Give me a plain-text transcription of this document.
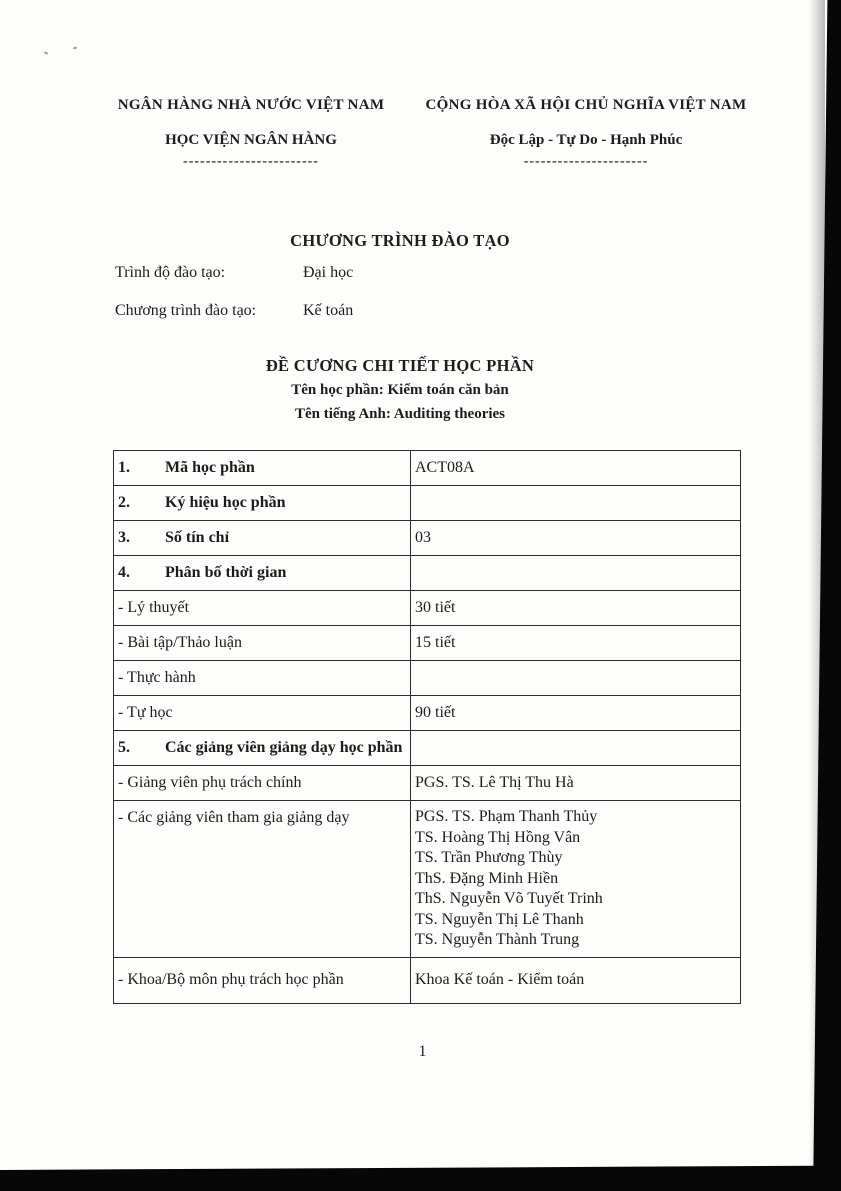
NGÂN HÀNG NHÀ NƯỚC VIỆT NAM
HỌC VIỆN NGÂN HÀNG
------------------------
CỘNG HÒA XÃ HỘI CHỦ NGHĨA VIỆT NAM
Độc Lập - Tự Do - Hạnh Phúc
----------------------
CHƯƠNG TRÌNH ĐÀO TẠO
Trình độ đào tạo:	Đại học
Chương trình đào tạo:	Kế toán
ĐỀ CƯƠNG CHI TIẾT HỌC PHẦN
Tên học phần: Kiểm toán căn bản
Tên tiếng Anh: Auditing theories
1.	Mã học phần	ACT08A
2.	Ký hiệu học phần
3.	Số tín chỉ	03
4.	Phân bố thời gian
- Lý thuyết	30 tiết
- Bài tập/Thảo luận	15 tiết
- Thực hành
- Tự học	90 tiết
5.	Các giảng viên giảng dạy học phần
- Giảng viên phụ trách chính	PGS. TS. Lê Thị Thu Hà
- Các giảng viên tham gia giảng dạy	PGS. TS. Phạm Thanh Thủy
TS. Hoàng Thị Hồng Vân
TS. Trần Phương Thùy
ThS. Đặng Minh Hiền
ThS. Nguyễn Võ Tuyết Trinh
TS. Nguyễn Thị Lê Thanh
TS. Nguyễn Thành Trung
- Khoa/Bộ môn phụ trách học phần	Khoa Kế toán - Kiểm toán
1
